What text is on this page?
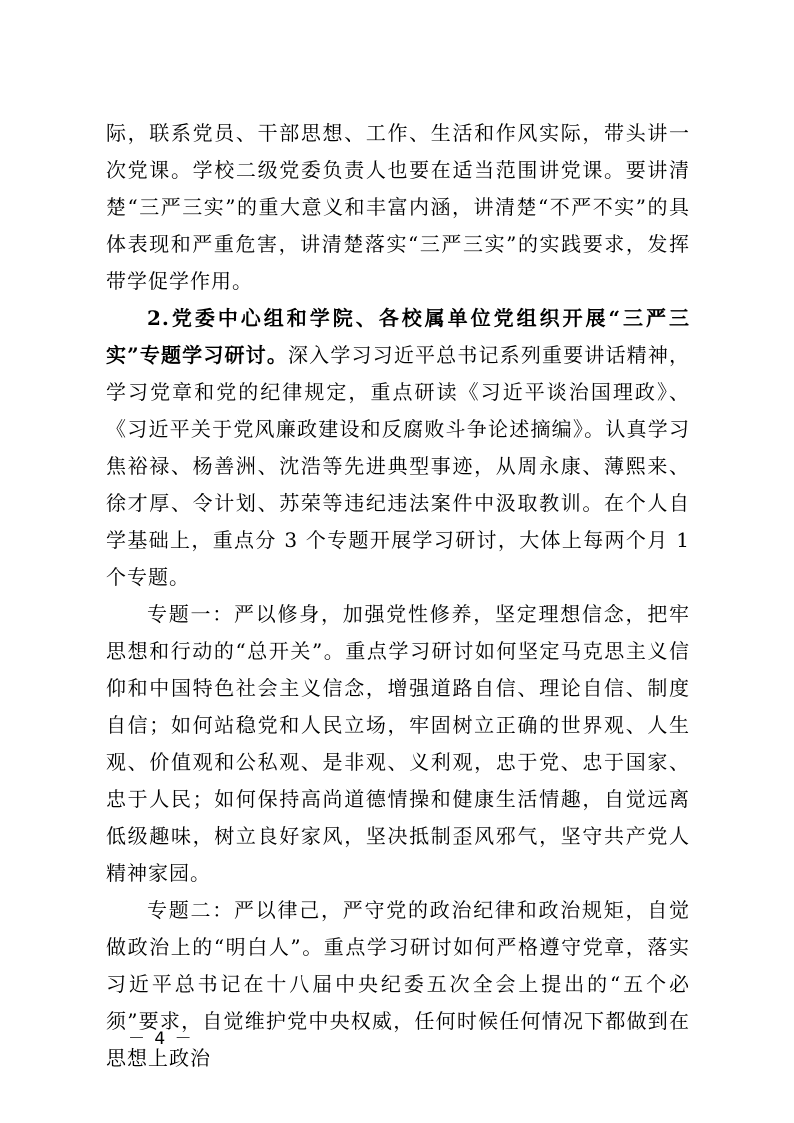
际，联系党员、干部思想、工作、生活和作风实际，带头讲一次党课。学校二级党委负责人也要在适当范围讲党课。要讲清楚“三严三实”的重大意义和丰富内涵，讲清楚“不严不实”的具体表现和严重危害，讲清楚落实“三严三实”的实践要求，发挥带学促学作用。

2.党委中心组和学院、各校属单位党组织开展“三严三实”专题学习研讨。深入学习习近平总书记系列重要讲话精神，学习党章和党的纪律规定，重点研读《习近平谈治国理政》、《习近平关于党风廉政建设和反腐败斗争论述摘编》。认真学习焦裕禄、杨善洲、沈浩等先进典型事迹，从周永康、薄熙来、徐才厚、令计划、苏荣等违纪违法案件中汲取教训。在个人自学基础上，重点分 3 个专题开展学习研讨，大体上每两个月 1 个专题。

专题一：严以修身，加强党性修养，坚定理想信念，把牢思想和行动的“总开关”。重点学习研讨如何坚定马克思主义信仰和中国特色社会主义信念，增强道路自信、理论自信、制度自信；如何站稳党和人民立场，牢固树立正确的世界观、人生观、价值观和公私观、是非观、义利观，忠于党、忠于国家、忠于人民；如何保持高尚道德情操和健康生活情趣，自觉远离低级趣味，树立良好家风，坚决抵制歪风邪气，坚守共产党人精神家园。

专题二：严以律己，严守党的政治纪律和政治规矩，自觉做政治上的“明白人”。重点学习研讨如何严格遵守党章，落实习近平总书记在十八届中央纪委五次全会上提出的“五个必须”要求，自觉维护党中央权威，任何时候任何情况下都做到在思想上政治

－ 4 －
